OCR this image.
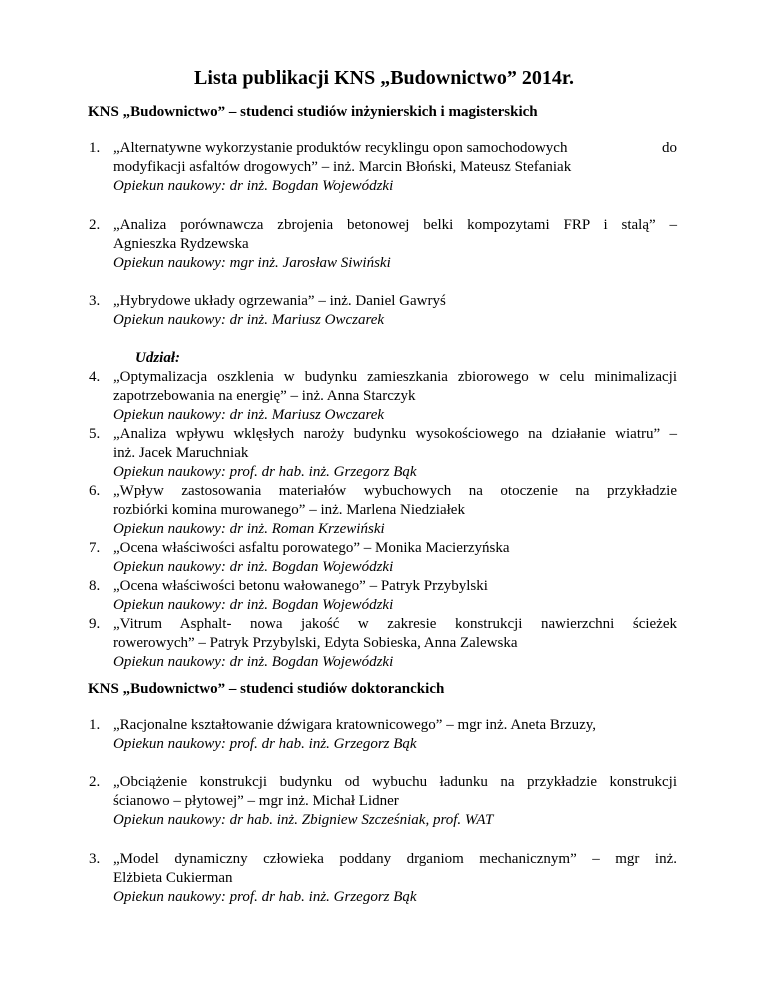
Lista publikacji KNS „Budownictwo” 2014r.
KNS „Budownictwo” – studenci studiów inżynierskich i magisterskich
1. „Alternatywne wykorzystanie produktów recyklingu opon samochodowych	do
modyfikacji asfaltów drogowych” – inż. Marcin Błoński, Mateusz Stefaniak
Opiekun naukowy: dr inż. Bogdan Wojewódzki
2. „Analiza porównawcza zbrojenia betonowej belki kompozytami FRP i stalą” –
Agnieszka Rydzewska
Opiekun naukowy: mgr inż. Jarosław Siwiński
3. „Hybrydowe układy ogrzewania” – inż. Daniel Gawryś
Opiekun naukowy: dr inż. Mariusz Owczarek
Udział:
4. „Optymalizacja oszklenia w budynku zamieszkania zbiorowego w celu minimalizacji
zapotrzebowania na energię” – inż. Anna Starczyk
Opiekun naukowy: dr inż. Mariusz Owczarek
5. „Analiza wpływu wklęsłych naroży budynku wysokościowego na działanie wiatru” –
inż. Jacek Maruchniak
Opiekun naukowy: prof. dr hab. inż. Grzegorz Bąk
6. „Wpływ zastosowania materiałów wybuchowych na otoczenie na przykładzie
rozbiórki komina murowanego” – inż. Marlena Niedziałek
Opiekun naukowy: dr inż. Roman Krzewiński
7. „Ocena właściwości asfaltu porowatego” – Monika Macierzyńska
Opiekun naukowy: dr inż. Bogdan Wojewódzki
8. „Ocena właściwości betonu wałowanego” – Patryk Przybylski
Opiekun naukowy: dr inż. Bogdan Wojewódzki
9. „Vitrum Asphalt- nowa jakość w zakresie konstrukcji nawierzchni ścieżek
rowerowych” – Patryk Przybylski, Edyta Sobieska, Anna Zalewska
Opiekun naukowy: dr inż. Bogdan Wojewódzki
KNS „Budownictwo” – studenci studiów doktoranckich
1. „Racjonalne kształtowanie dźwigara kratownicowego” – mgr inż. Aneta Brzuzy,
Opiekun naukowy: prof. dr hab. inż. Grzegorz Bąk
2. „Obciążenie konstrukcji budynku od wybuchu ładunku na przykładzie konstrukcji
ścianowo – płytowej” – mgr inż. Michał Lidner
Opiekun naukowy: dr hab. inż. Zbigniew Szcześniak, prof. WAT
3. „Model dynamiczny człowieka poddany drganiom mechanicznym” – mgr inż.
Elżbieta Cukierman
Opiekun naukowy: prof. dr hab. inż. Grzegorz Bąk
